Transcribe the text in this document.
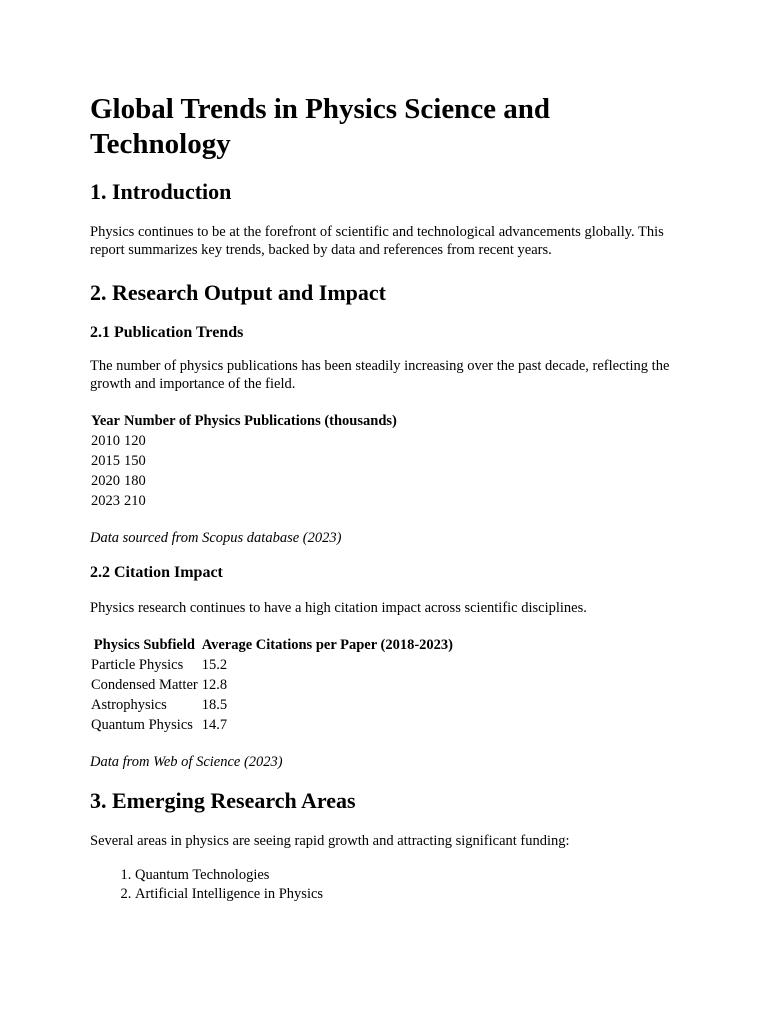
Global Trends in Physics Science and Technology
1. Introduction

Physics continues to be at the forefront of scientific and technological advancements globally. This report summarizes key trends, backed by data and references from recent years.

2. Research Output and Impact
2.1 Publication Trends

The number of physics publications has been steadily increasing over the past decade, reflecting the growth and importance of the field.

Year	Number of Physics Publications (thousands)
2010	120
2015	150
2020	180
2023	210

Data sourced from Scopus database (2023)

2.2 Citation Impact

Physics research continues to have a high citation impact across scientific disciplines.

Physics Subfield	Average Citations per Paper (2018-2023)
Particle Physics	15.2
Condensed Matter	12.8
Astrophysics	18.5
Quantum Physics	14.7

Data from Web of Science (2023)

3. Emerging Research Areas

Several areas in physics are seeing rapid growth and attracting significant funding:

1. Quantum Technologies
2. Artificial Intelligence in Physics
